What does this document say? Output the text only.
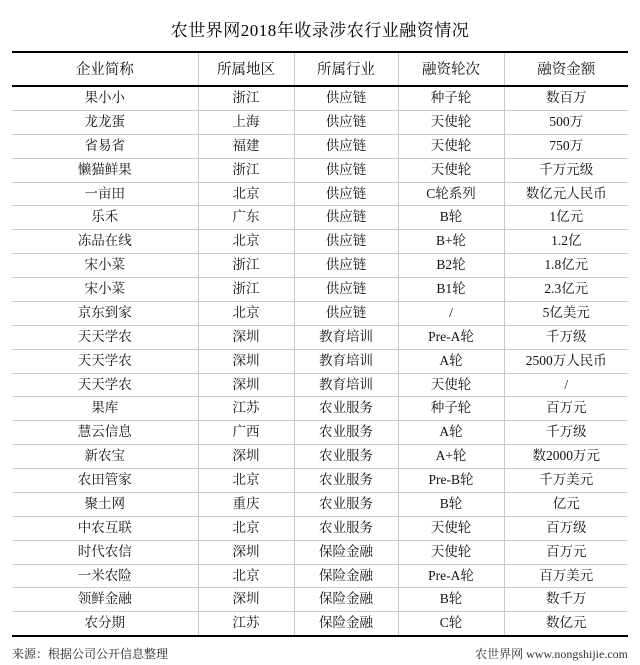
农世界网2018年收录涉农行业融资情况
企业简称	所属地区	所属行业	融资轮次	融资金额
果小小	浙江	供应链	种子轮	数百万
龙龙蛋	上海	供应链	天使轮	500万
省易省	福建	供应链	天使轮	750万
懒猫鲜果	浙江	供应链	天使轮	千万元级
一亩田	北京	供应链	C轮系列	数亿元人民币
乐禾	广东	供应链	B轮	1亿元
冻品在线	北京	供应链	B+轮	1.2亿
宋小菜	浙江	供应链	B2轮	1.8亿元
宋小菜	浙江	供应链	B1轮	2.3亿元
京东到家	北京	供应链	/	5亿美元
天天学农	深圳	教育培训	Pre-A轮	千万级
天天学农	深圳	教育培训	A轮	2500万人民币
天天学农	深圳	教育培训	天使轮	/
果库	江苏	农业服务	种子轮	百万元
慧云信息	广西	农业服务	A轮	千万级
新农宝	深圳	农业服务	A+轮	数2000万元
农田管家	北京	农业服务	Pre-B轮	千万美元
聚土网	重庆	农业服务	B轮	亿元
中农互联	北京	农业服务	天使轮	百万级
时代农信	深圳	保险金融	天使轮	百万元
一米农险	北京	保险金融	Pre-A轮	百万美元
领鲜金融	深圳	保险金融	B轮	数千万
农分期	江苏	保险金融	C轮	数亿元
来源：根据公司公开信息整理	农世界网 www.nongshijie.com
